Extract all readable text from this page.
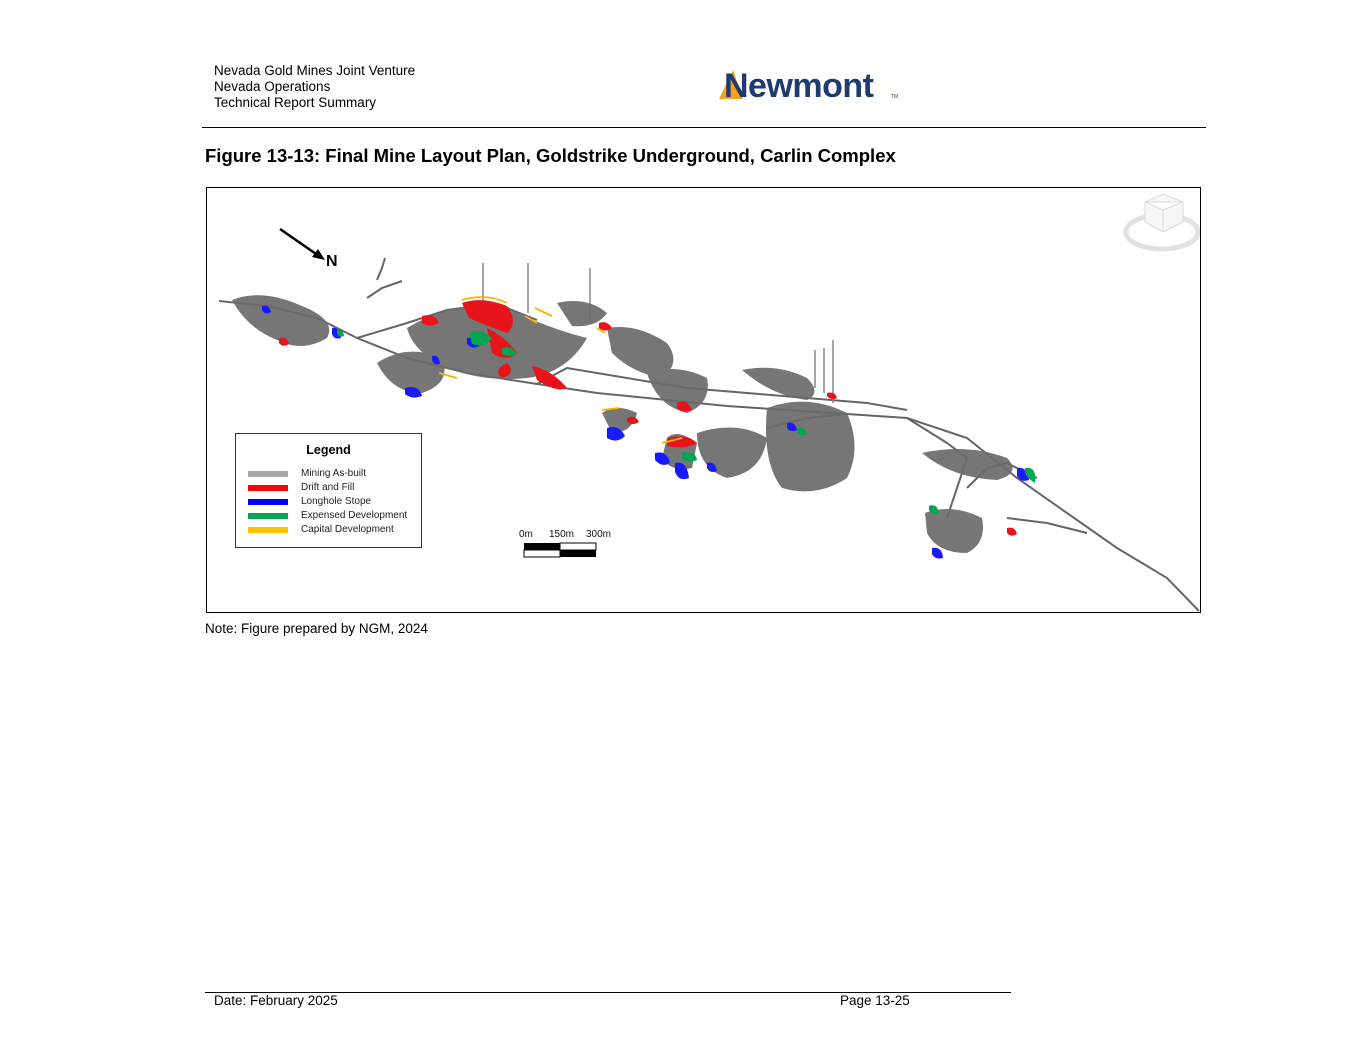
Nevada Gold Mines Joint Venture
Nevada Operations
Technical Report Summary	Newmont	TM
Figure 13-13: Final Mine Layout Plan, Goldstrike Underground, Carlin Complex
N
Legend
Mining As-built
Drift and Fill
Longhole Stope
Expensed Development
Capital Development	0m 150m 300m
Note: Figure prepared by NGM, 2024
Date: February 2025	Page 13-25
